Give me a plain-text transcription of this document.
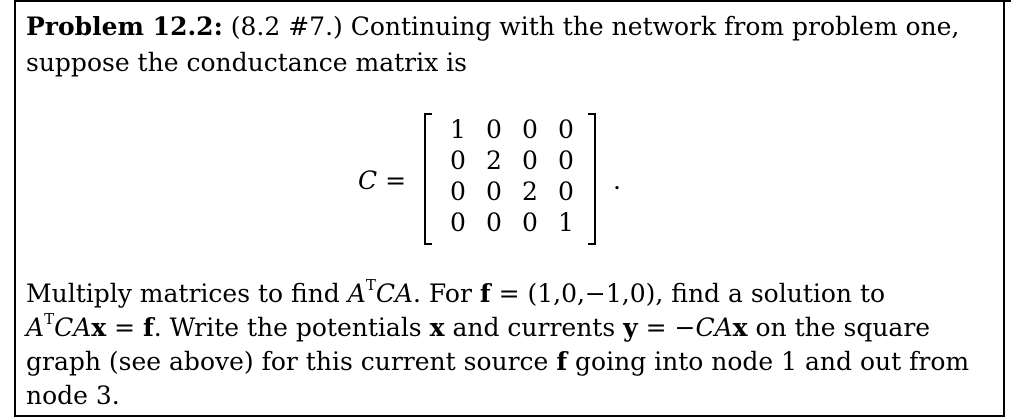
Problem 12.2: (8.2 #7.) Continuing with the network from problem one,
suppose the conductance matrix is
C =
1 0 0 0
0 2 0 0
0 0 2 0
0 0 0 1
.
Multiply matrices to find $A^TCA$. For f = (1,0,−1,0), find a solution to
$A^TCAx = f$. Write the potentials x and currents y = −CAx on the square
graph (see above) for this current source f going into node 1 and out from
node 3.
